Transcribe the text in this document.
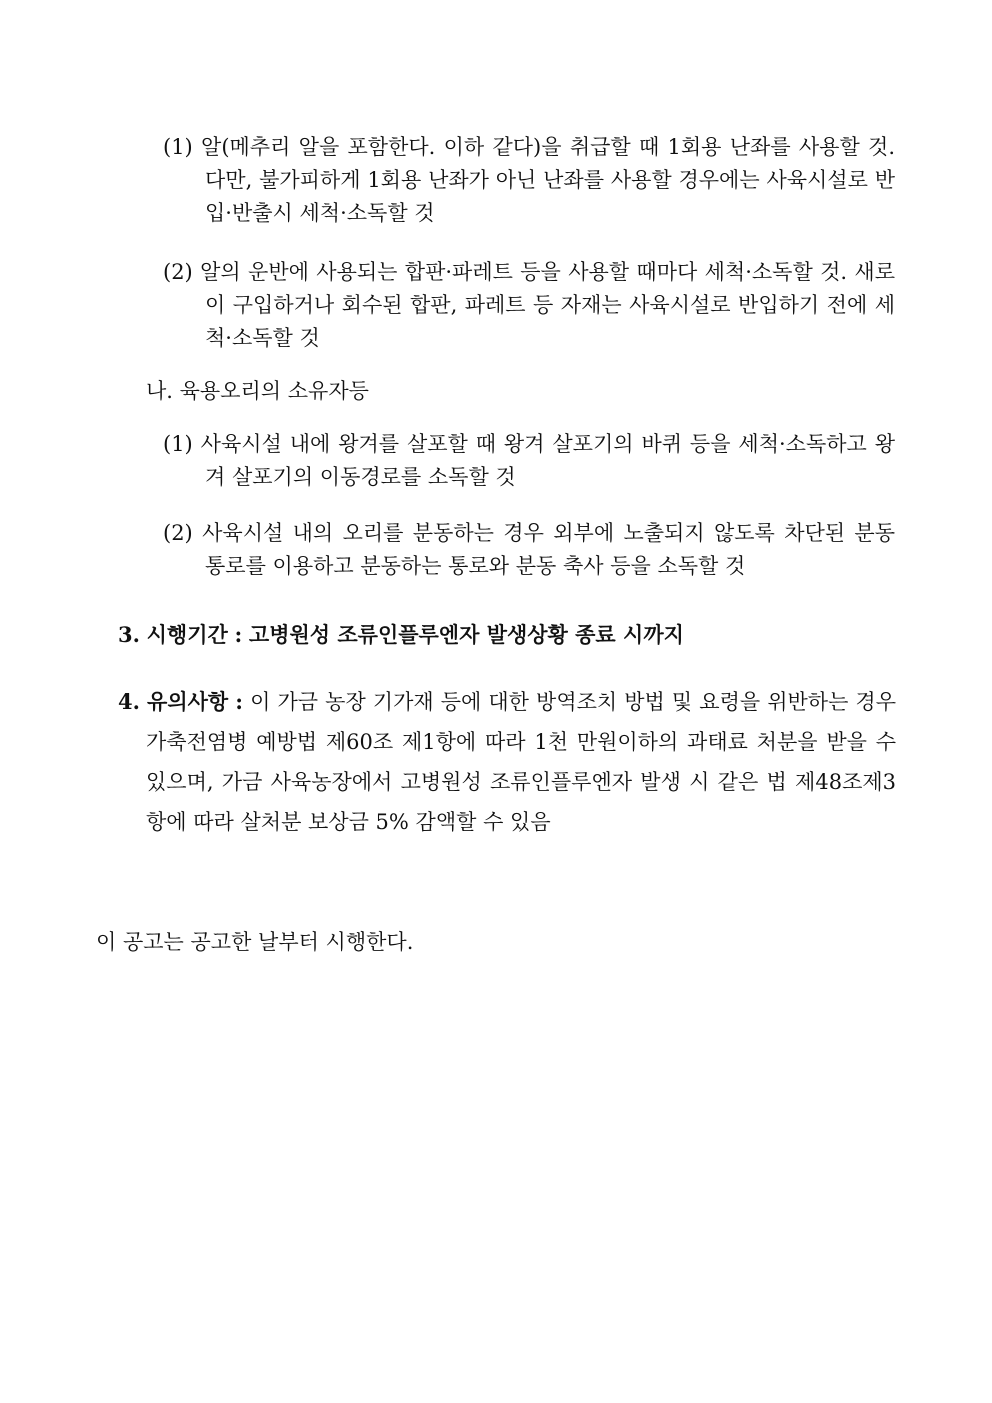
(1) 알(메추리 알을 포함한다. 이하 같다)을 취급할 때 1회용 난좌를 사용할 것. 다만, 불가피하게 1회용 난좌가 아닌 난좌를 사용할 경우에는 사육시설로 반입·반출시 세척·소독할 것
(2) 알의 운반에 사용되는 합판·파레트 등을 사용할 때마다 세척·소독할 것. 새로이 구입하거나 회수된 합판, 파레트 등 자재는 사육시설로 반입하기 전에 세척·소독할 것
나. 육용오리의 소유자등
(1) 사육시설 내에 왕겨를 살포할 때 왕겨 살포기의 바퀴 등을 세척·소독하고 왕겨 살포기의 이동경로를 소독할 것
(2) 사육시설 내의 오리를 분동하는 경우 외부에 노출되지 않도록 차단된 분동 통로를 이용하고 분동하는 통로와 분동 축사 등을 소독할 것
3. 시행기간 : 고병원성 조류인플루엔자 발생상황 종료 시까지
4. 유의사항 : 이 가금 농장 기가재 등에 대한 방역조치 방법 및 요령을 위반하는 경우 가축전염병 예방법 제60조 제1항에 따라 1천 만원이하의 과태료 처분을 받을 수 있으며, 가금 사육농장에서 고병원성 조류인플루엔자 발생 시 같은 법 제48조제3항에 따라 살처분 보상금 5% 감액할 수 있음
이 공고는 공고한 날부터 시행한다.
